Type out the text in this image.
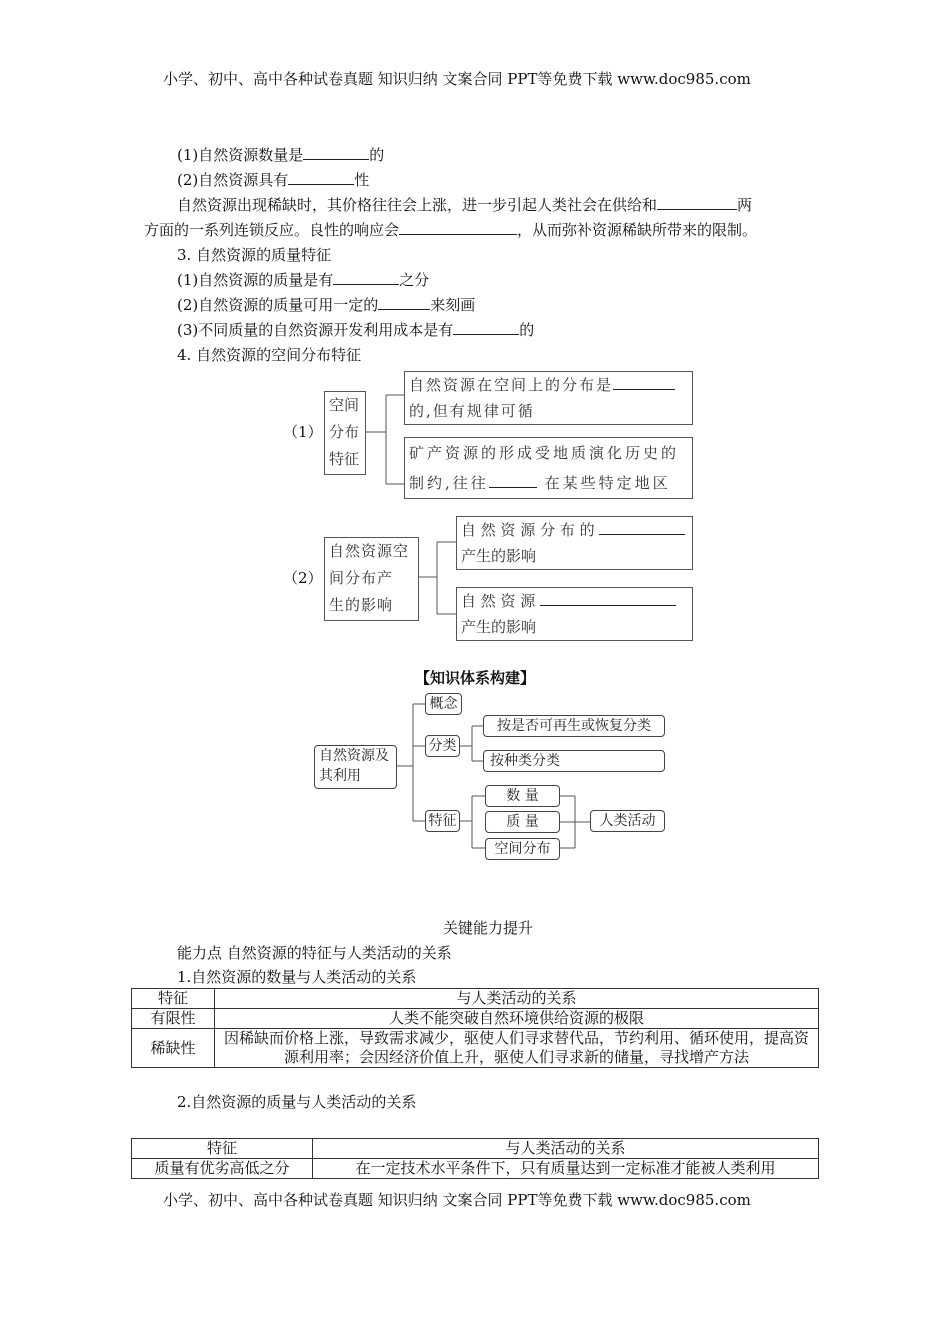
小学、初中、高中各种试卷真题 知识归纳 文案合同 PPT等免费下载 www.doc985.com
(1)自然资源数量是	的
(2)自然资源具有	性
自然资源出现稀缺时，其价格往往会上涨，进一步引起人类社会在供给和	两
方面的一系列连锁反应。良性的响应会	，从而弥补资源稀缺所带来的限制。
3. 自然资源的质量特征
(1)自然资源的质量是有	之分
(2)自然资源的质量可用一定的	来刻画
(3)不同质量的自然资源开发利用成本是有	的
4. 自然资源的空间分布特征
（1）
空间
分布
特征
自然资源在空间上的分布是
的,但有规律可循
矿产资源的形成受地质演化历史的
制约,往往	在某些特定地区
（2）
自然资源空
间分布产
生的影响
自 然 资 源 分 布 的
产生的影响
自 然 资 源
产生的影响
【知识体系构建】
自然资源及其利用
概念
分类
按是否可再生或恢复分类
按种类分类
特征
数 量
质 量
空间分布
人类活动
关键能力提升
能力点 自然资源的特征与人类活动的关系
1.自然资源的数量与人类活动的关系
特征	与人类活动的关系
有限性	人类不能突破自然环境供给资源的极限
稀缺性	因稀缺而价格上涨，导致需求减少，驱使人们寻求替代品，节约利用、循环使用，提高资源利用率；会因经济价值上升，驱使人们寻求新的储量，寻找增产方法
2.自然资源的质量与人类活动的关系
特征	与人类活动的关系
质量有优劣高低之分	在一定技术水平条件下，只有质量达到一定标准才能被人类利用
小学、初中、高中各种试卷真题 知识归纳 文案合同 PPT等免费下载 www.doc985.com
